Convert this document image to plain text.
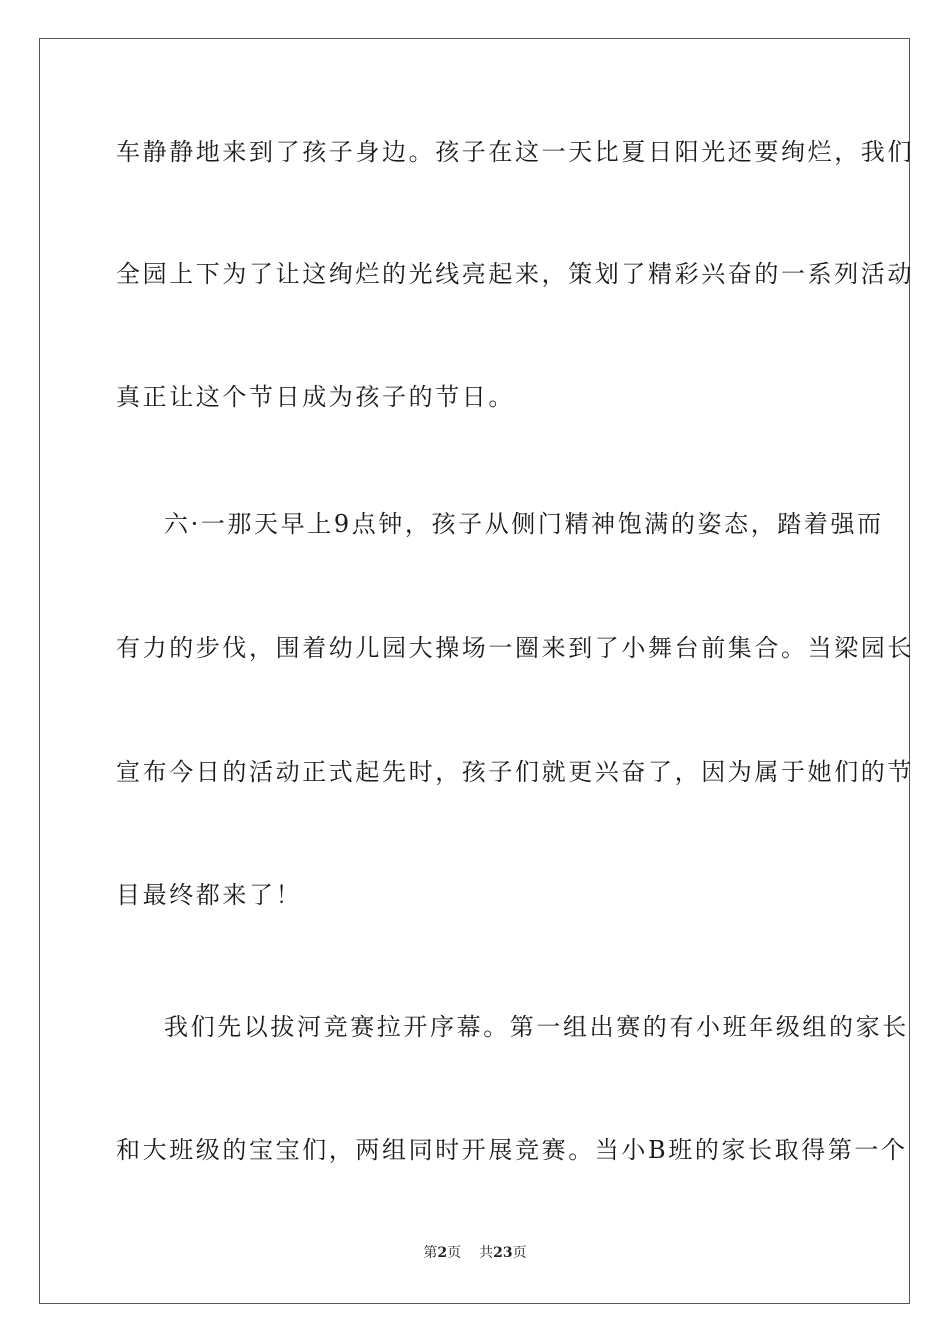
车静静地来到了孩子身边。孩子在这一天比夏日阳光还要绚烂，我们
全园上下为了让这绚烂的光线亮起来，策划了精彩兴奋的一系列活动
真正让这个节日成为孩子的节日。
六·一那天早上9点钟，孩子从侧门精神饱满的姿态，踏着强而
有力的步伐，围着幼儿园大操场一圈来到了小舞台前集合。当梁园长
宣布今日的活动正式起先时，孩子们就更兴奋了，因为属于她们的节
目最终都来了！
我们先以拔河竞赛拉开序幕。第一组出赛的有小班年级组的家长
和大班级的宝宝们，两组同时开展竞赛。当小B班的家长取得第一个
第2页 共23页
